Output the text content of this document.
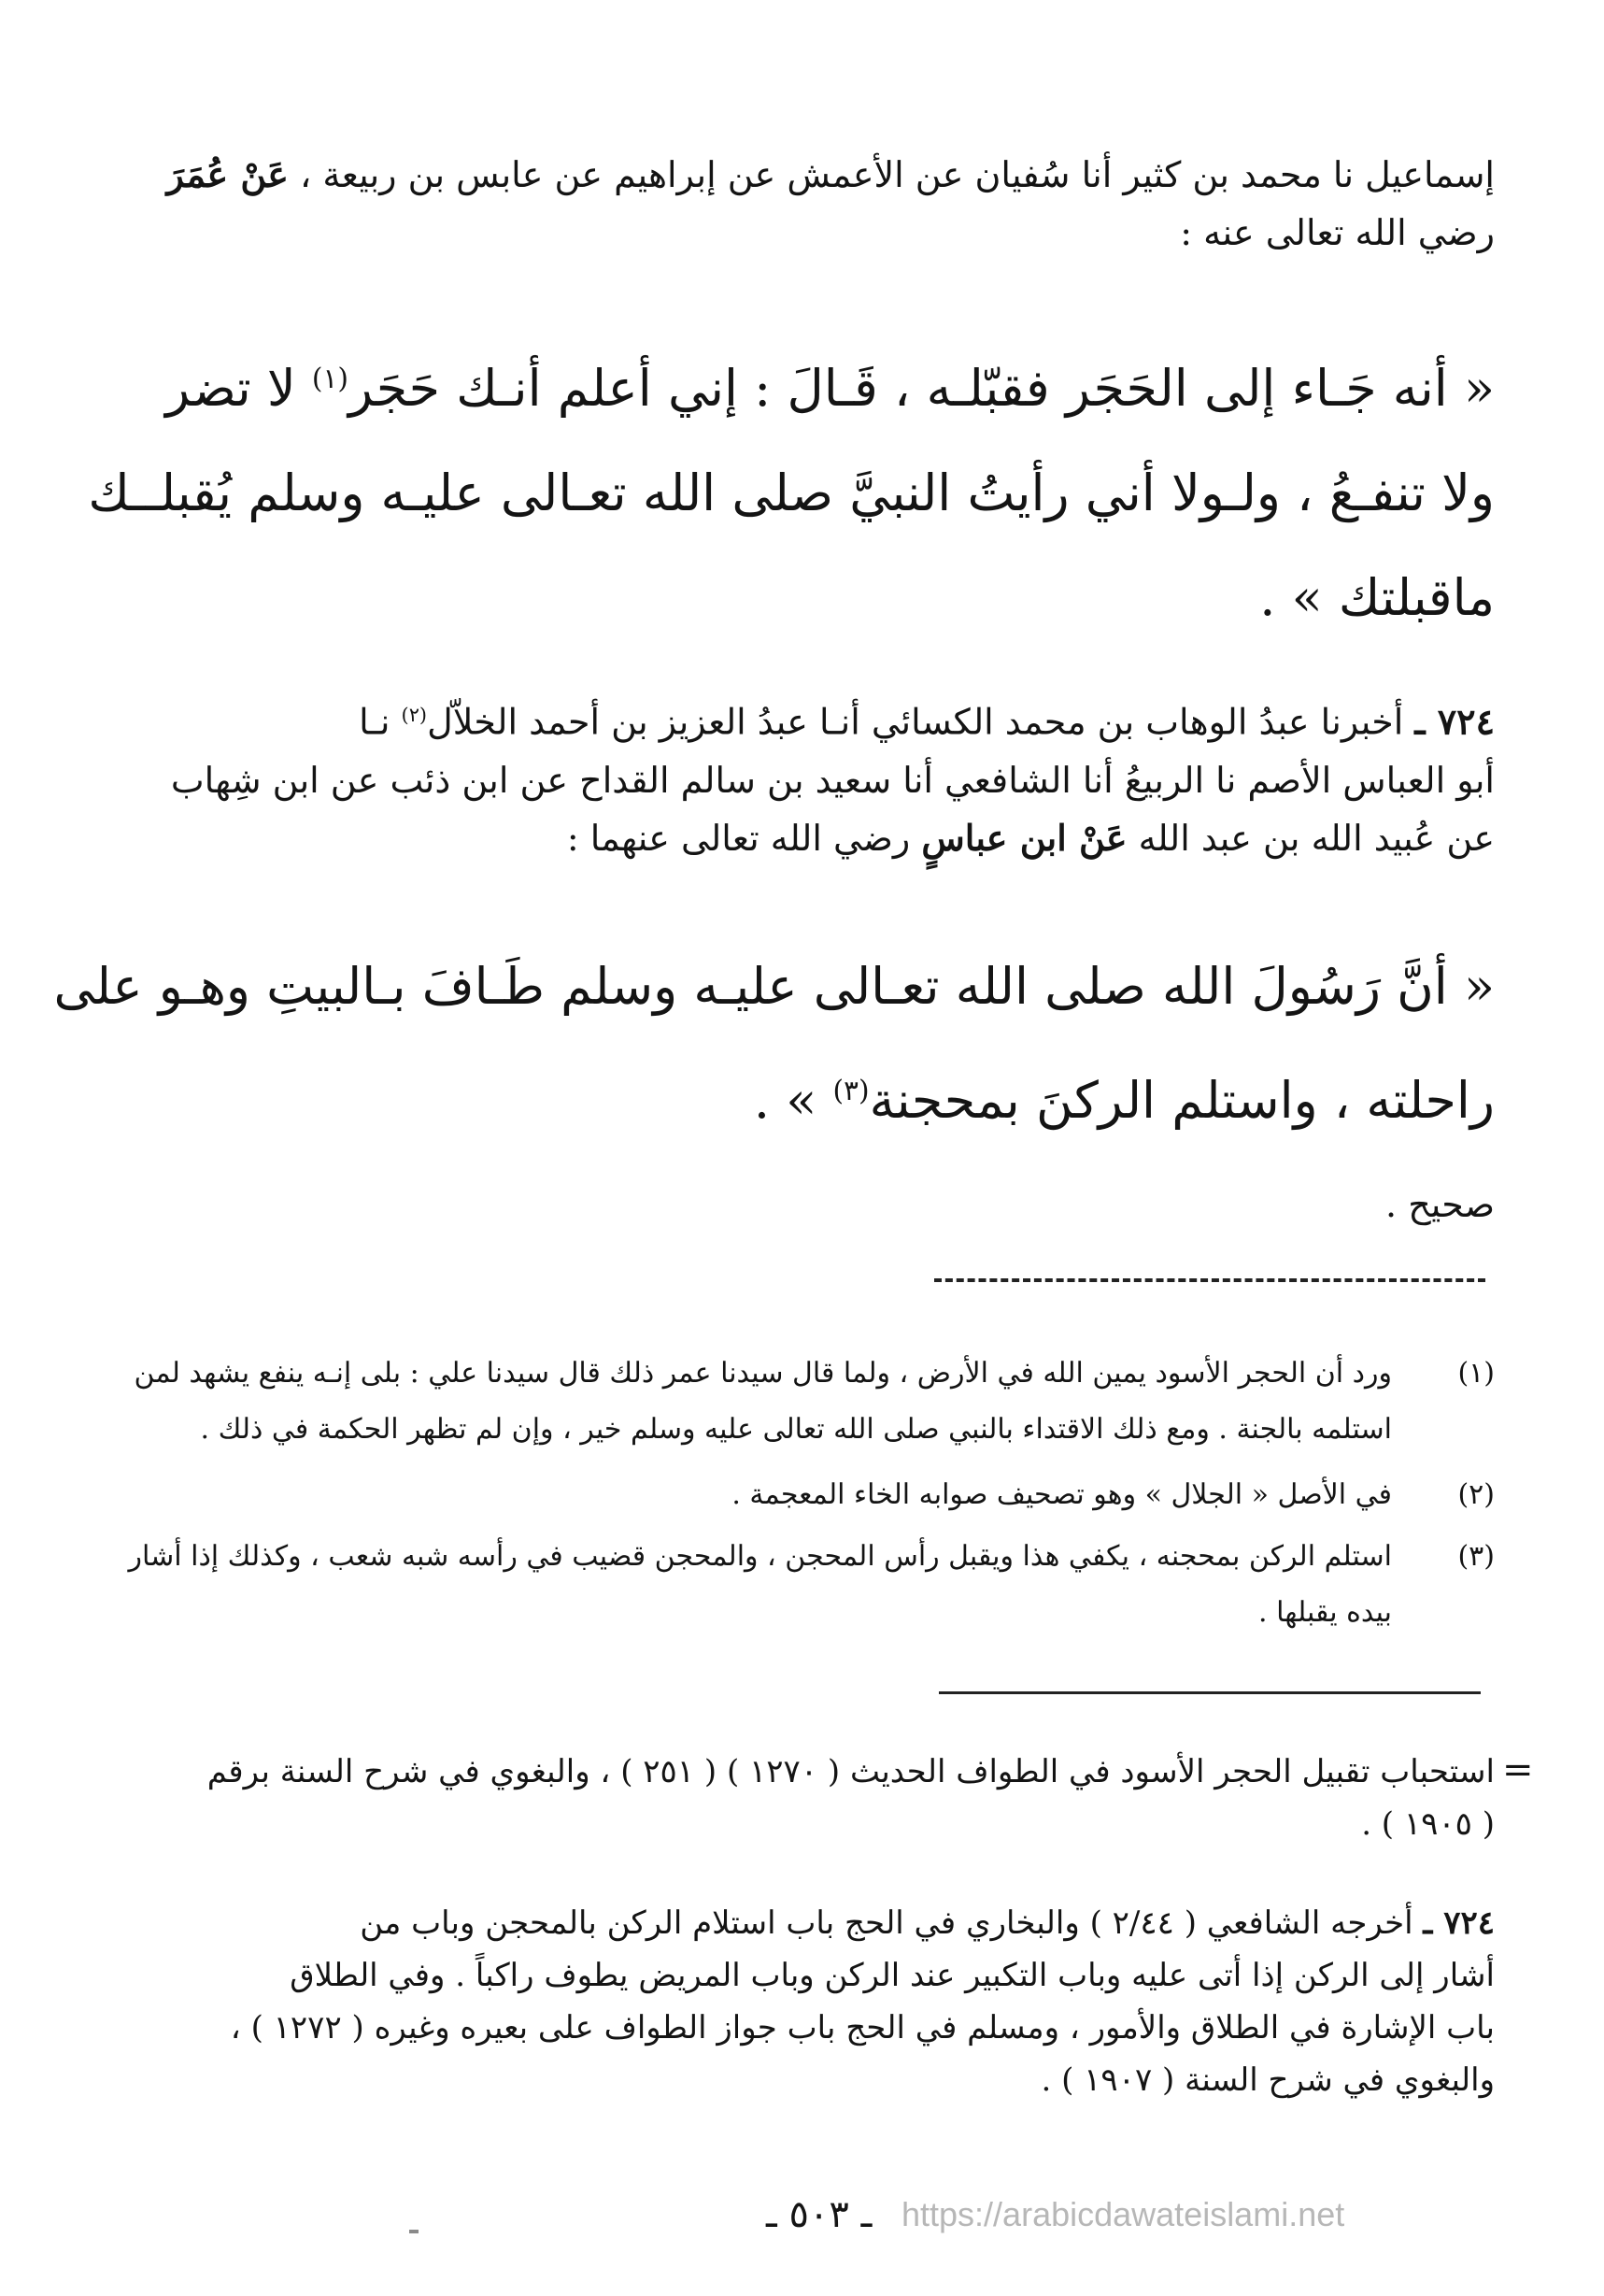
إسماعيل نا محمد بن كثير أنا سُفيان عن الأعمش عن إبراهيم عن عابس بن ربيعة ، عَنْ عُمَرَ
رضي الله تعالى عنه :
« أنه جَـاء إلى الحَجَر فقبّلـه ، قَـالَ : إني أعلم أنـك حَجَر$^{(١)}$ لا تضر
ولا تنفـعُ ، ولـولا أني رأيتُ النبيَّ صلى الله تعـالى عليـه وسلم يُقبلــك
ماقبلتك » .
٧٢٤ ـ أخبرنا عبدُ الوهاب بن محمد الكسائي أنـا عبدُ العزيز بن أحمد الخلاّل$^{(٢)}$ نـا
أبو العباس الأصم نا الربيعُ أنا الشافعي أنا سعيد بن سالم القداح عن ابن ذئب عن ابن شِهاب
عن عُبيد الله بن عبد الله عَنْ ابن عباسٍ رضي الله تعالى عنهما :
« أنَّ رَسُولَ الله صلى الله تعـالى عليـه وسلم طَـافَ بـالبيتِ وهـو على
راحلته ، واستلم الركنَ بمحجنة$^{(٣)}$ » .
صحيح .
(١)
ورد أن الحجر الأسود يمين الله في الأرض ، ولما قال سيدنا عمر ذلك قال سيدنا علي : بلى إنـه ينفع يشهد لمن
استلمه بالجنة . ومع ذلك الاقتداء بالنبي صلى الله تعالى عليه وسلم خير ، وإن لم تظهر الحكمة في ذلك .
(٢)
في الأصل « الجلال » وهو تصحيف صوابه الخاء المعجمة .
(٣)
استلم الركن بمحجنه ، يكفي هذا ويقبل رأس المحجن ، والمحجن قضيب في رأسه شبه شعب ، وكذلك إذا أشار
بيده يقبلها .
=
استحباب تقبيل الحجر الأسود في الطواف الحديث ( ١٢٧٠ ) ( ٢٥١ ) ، والبغوي في شرح السنة برقم
( ١٩٠٥ ) .
٧٢٤ ـ أخرجه الشافعي ( ٢/٤٤ ) والبخاري في الحج باب استلام الركن بالمحجن وباب من
أشار إلى الركن إذا أتى عليه وباب التكبير عند الركن وباب المريض يطوف راكباً . وفي الطلاق
باب الإشارة في الطلاق والأمور ، ومسلم في الحج باب جواز الطواف على بعيره وغيره ( ١٢٧٢ ) ،
والبغوي في شرح السنة ( ١٩٠٧ ) .
ـ ٥٠٣ ـ https://arabicdawateislami.net
